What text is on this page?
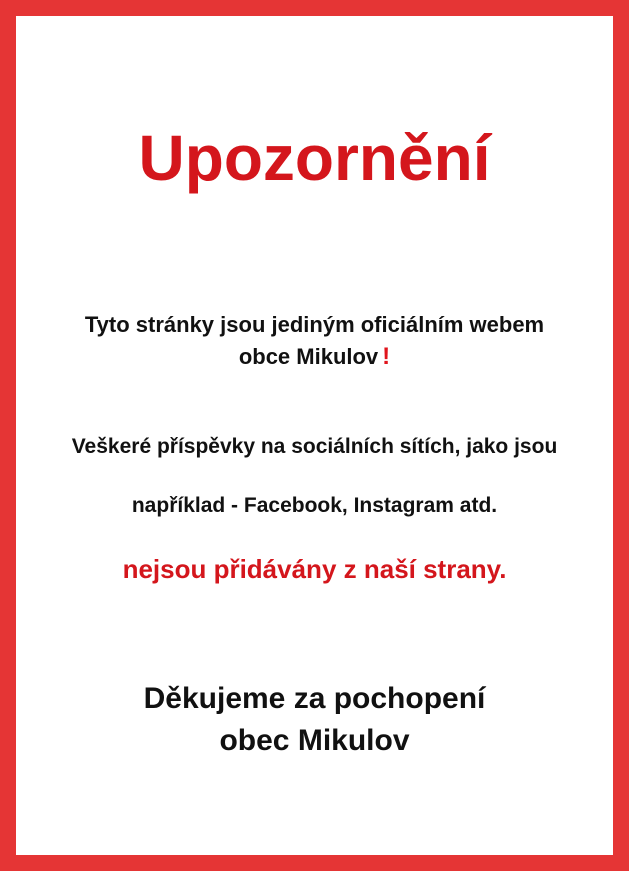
Upozornění
Tyto stránky jsou jediným oficiálním webem
obce Mikulov !
Veškeré příspěvky na sociálních sítích, jako jsou
například - Facebook, Instagram atd.
nejsou přidávány z naší strany.
Děkujeme za pochopení
obec Mikulov
